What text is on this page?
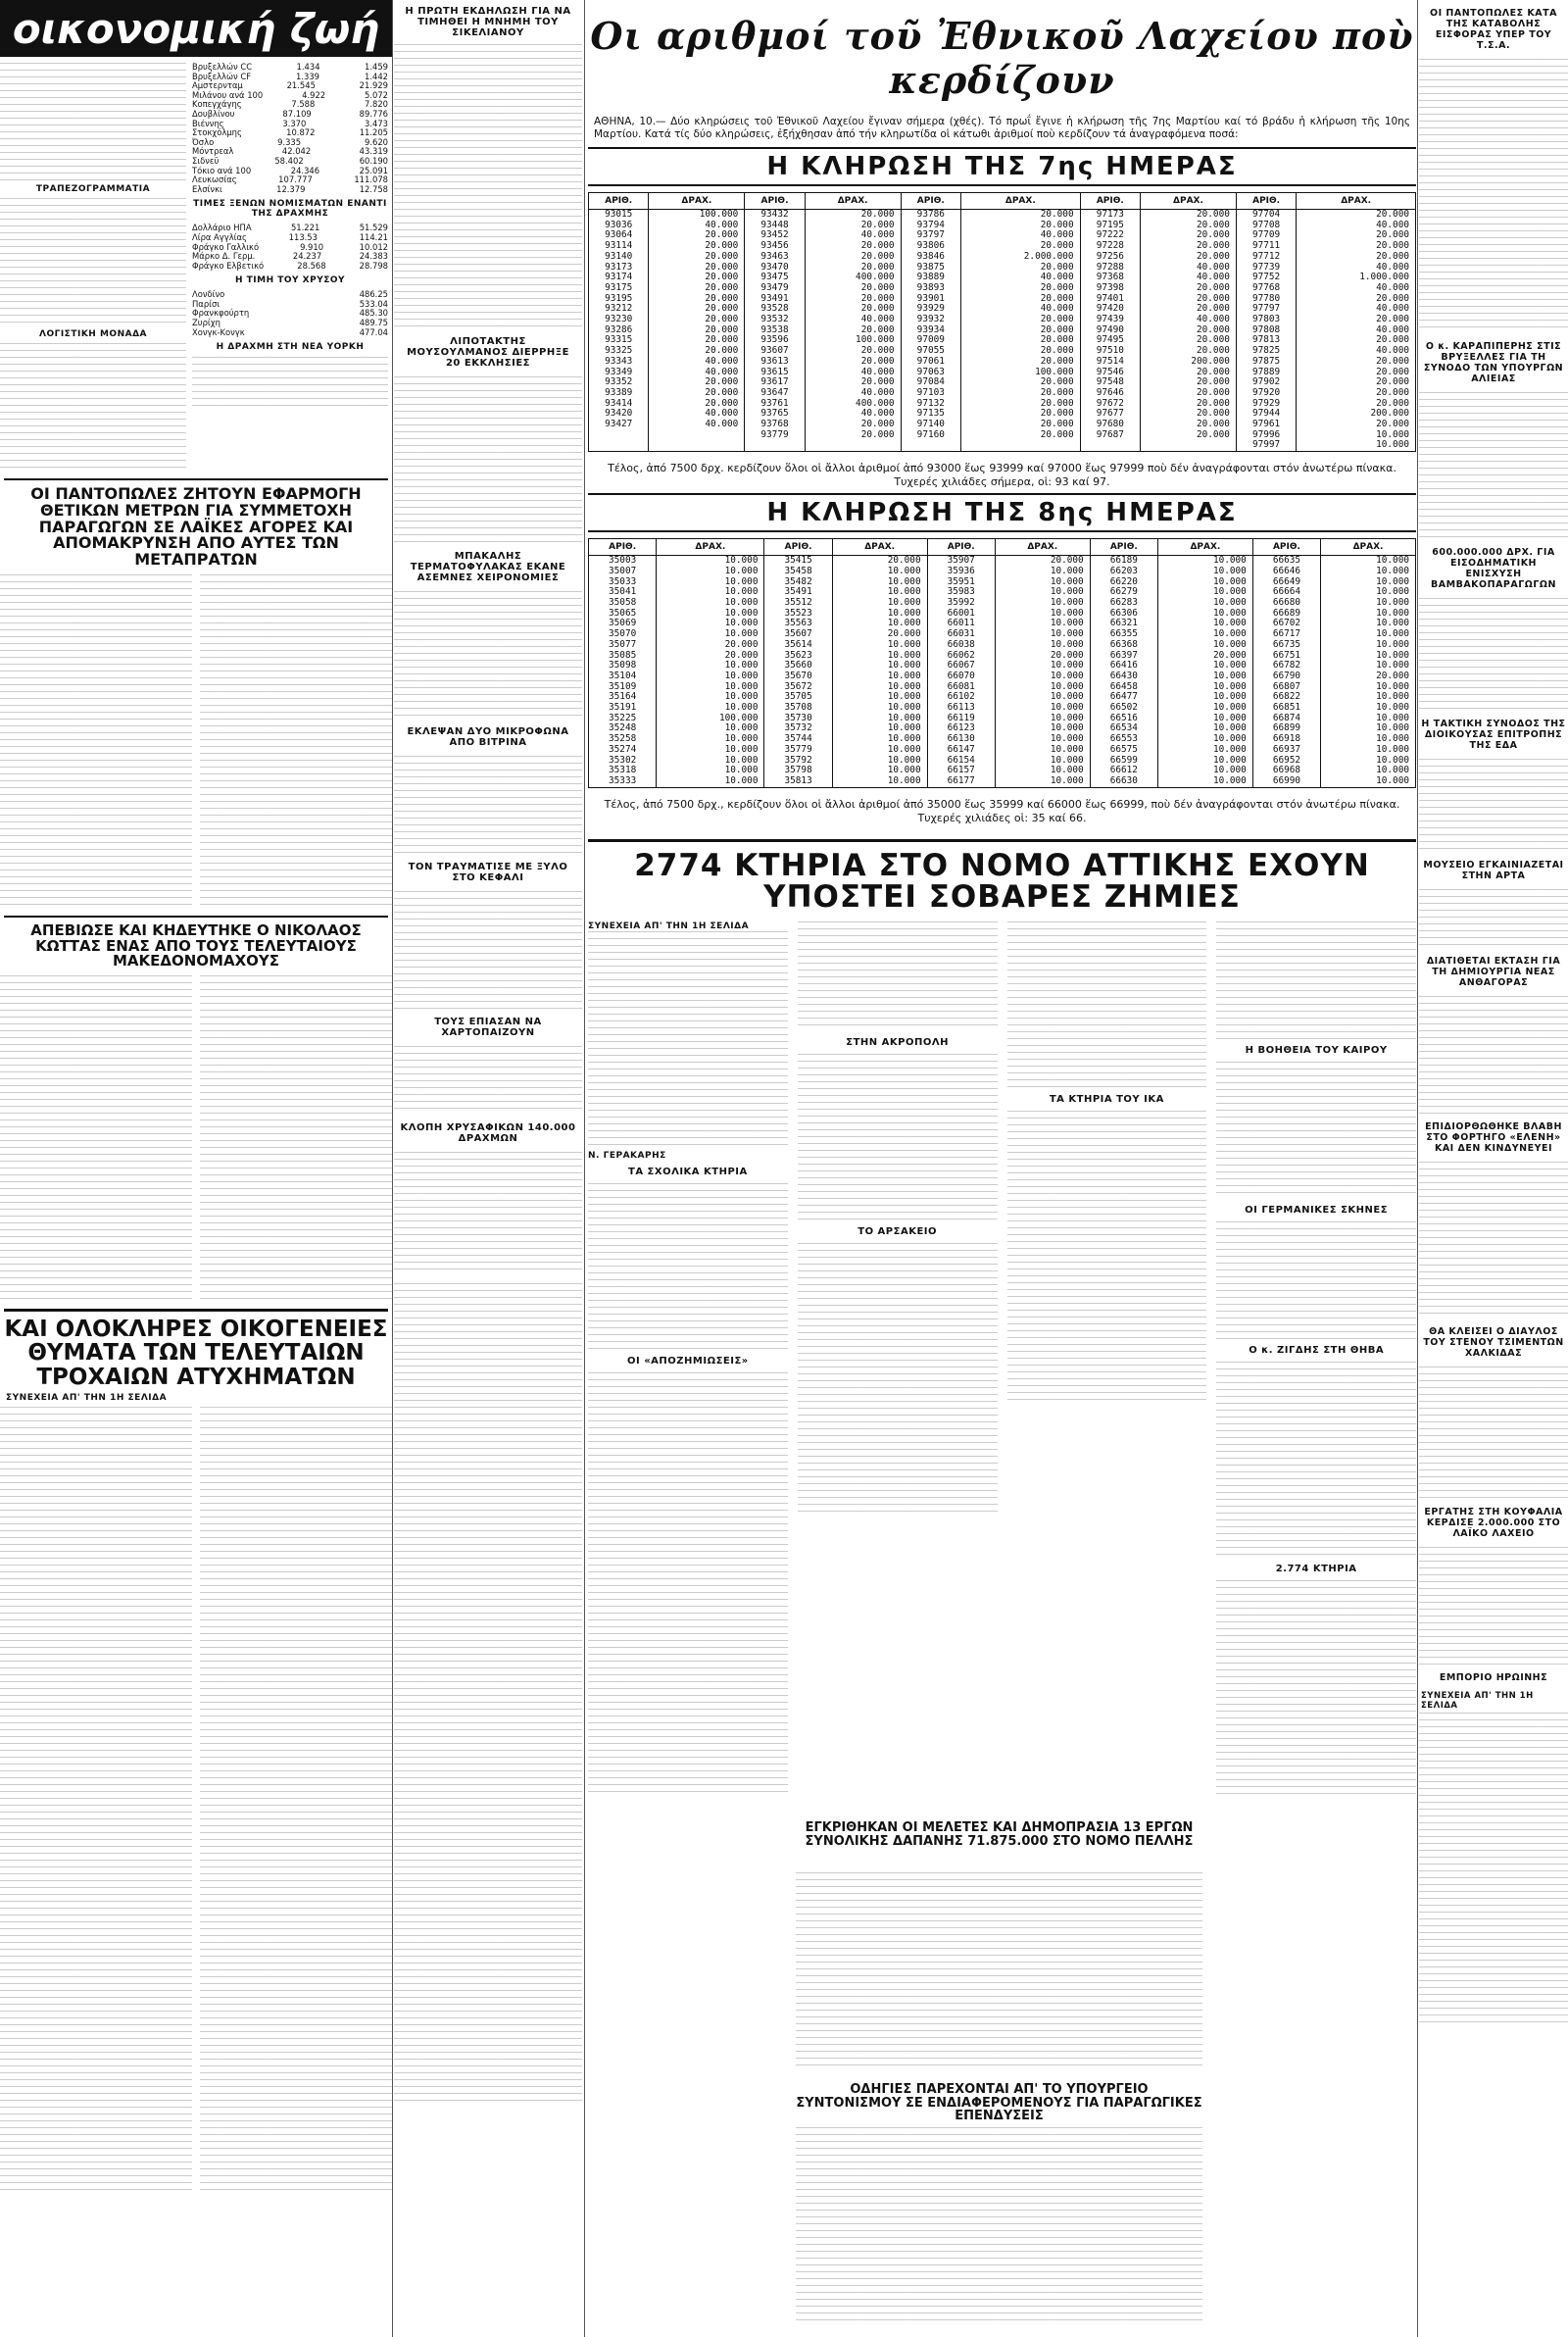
οικονομική ζωή
ΤΡΑΠΕΖΟΓΡΑΜΜΑΤΙΑ
ΛΟΓΙΣΤΙΚΗ ΜΟΝΑΔΑ
Βρυξελλών CC	1.434	1.459
Βρυξελλών CF	1.339	1.442
Αμστερνταμ	21.545	21.929
Μιλάνου ανά 100	4.922	5.072
Κοπεγχάγης	7.588	7.820
Δουβλίνου	87.109	89.776
Βιέννης	3.370	3.473
Στοκχόλμης	10.872	11.205
Όσλο	9.335	9.620
Μόντρεαλ	42.042	43.319
Σιδνεϋ	58.402	60.190
Τόκιο ανά 100	24.346	25.091
Λευκωσίας	107.777	111.078
Ελσίνκι	12.379	12.758
ΤΙΜΕΣ ΞΕΝΩΝ ΝΟΜΙΣΜΑΤΩΝ ΕΝΑΝΤΙ ΤΗΣ ΔΡΑΧΜΗΣ
Δολλάριο ΗΠΑ	51.221	51.529
Λίρα Αγγλίας	113.53	114.21
Φράγκο Γαλλικό	9.910	10.012
Μάρκο Δ. Γερμ.	24.237	24.383
Φράγκο Ελβετικό	28.568	28.798
Η ΤΙΜΗ ΤΟΥ ΧΡΥΣΟΥ
Λονδίνο	486.25
Παρίσι	533.04
Φρανκφούρτη	485.30
Ζυρίχη	489.75
Χονγκ-Κονγκ	477.04
Η ΔΡΑΧΜΗ ΣΤΗ ΝΕΑ ΥΟΡΚΗ
ΟΙ ΠΑΝΤΟΠΩΛΕΣ ΖΗΤΟΥΝ ΕΦΑΡΜΟΓΗ ΘΕΤΙΚΩΝ ΜΕΤΡΩΝ ΓΙΑ ΣΥΜΜΕΤΟΧΗ ΠΑΡΑΓΩΓΩΝ ΣΕ ΛΑΪΚΕΣ ΑΓΟΡΕΣ ΚΑΙ ΑΠΟΜΑΚΡΥΝΣΗ ΑΠΟ ΑΥΤΕΣ ΤΩΝ ΜΕΤΑΠΡΑΤΩΝ
ΑΠΕΒΙΩΣΕ ΚΑΙ ΚΗΔΕΥΤΗΚΕ Ο ΝΙΚΟΛΑΟΣ ΚΩΤΤΑΣ ΕΝΑΣ ΑΠΟ ΤΟΥΣ ΤΕΛΕΥΤΑΙΟΥΣ ΜΑΚΕΔΟΝΟΜΑΧΟΥΣ
ΚΑΙ ΟΛΟΚΛΗΡΕΣ ΟΙΚΟΓΕΝΕΙΕΣ ΘΥΜΑΤΑ ΤΩΝ ΤΕΛΕΥΤΑΙΩΝ ΤΡΟΧΑΙΩΝ ΑΤΥΧΗΜΑΤΩΝ
ΣΥΝΕΧΕΙΑ ΑΠ' ΤΗΝ 1Η ΣΕΛΙΔΑ
Η ΠΡΩΤΗ ΕΚΔΗΛΩΣΗ ΓΙΑ ΝΑ ΤΙΜΗΘΕΙ Η ΜΝΗΜΗ ΤΟΥ ΣΙΚΕΛΙΑΝΟΥ
ΛΙΠΟΤΑΚΤΗΣ ΜΟΥΣΟΥΛΜΑΝΟΣ ΔΙΕΡΡΗΞΕ 20 ΕΚΚΛΗΣΙΕΣ
ΜΠΑΚΑΛΗΣ ΤΕΡΜΑΤΟΦΥΛΑΚΑΣ ΕΚΑΝΕ ΑΣΕΜΝΕΣ ΧΕΙΡΟΝΟΜΙΕΣ
ΕΚΛΕΨΑΝ ΔΥΟ ΜΙΚΡΟΦΩΝΑ ΑΠΟ ΒΙΤΡΙΝΑ
ΤΟΝ ΤΡΑΥΜΑΤΙΣΕ ΜΕ ΞΥΛΟ ΣΤΟ ΚΕΦΑΛΙ
ΤΟΥΣ ΕΠΙΑΣΑΝ ΝΑ ΧΑΡΤΟΠΑΙΖΟΥΝ
ΚΛΟΠΗ ΧΡΥΣΑΦΙΚΩΝ 140.000 ΔΡΑΧΜΩΝ
Οι αριθμοί τοῦ Ἐθνικοῦ Λαχείου ποὺ κερδίζουν
ΑΘΗΝΑ, 10.— Δύο κληρώσεις τοῦ Ἐθνικοῦ Λαχείου ἔγιναν σήμερα (χθές). Τό πρωΐ ἔγινε ἡ κλήρωση τῆς 7ης Μαρτίου καί τό βράδυ ἡ κλήρωση τῆς 10ης Μαρτίου. Κατά τίς δύο κληρώσεις, ἐξήχθησαν ἀπό τήν κληρωτίδα οἱ κάτωθι ἀριθμοί ποὺ κερδίζουν τά ἀναγραφόμενα ποσά:
Η ΚΛΗΡΩΣΗ ΤΗΣ 7ης ΗΜΕΡΑΣ
ΑΡΙΘ.	ΔΡΑΧ.	ΑΡΙΘ.	ΔΡΑΧ.	ΑΡΙΘ.	ΔΡΑΧ.	ΑΡΙΘ.	ΔΡΑΧ.	ΑΡΙΘ.	ΔΡΑΧ.
93015	100.000	93432	20.000	93786	20.000	97173	20.000	97704	20.000
93036	40.000	93448	20.000	93794	20.000	97195	20.000	97708	40.000
93064	20.000	93452	40.000	93797	40.000	97222	20.000	97709	20.000
93114	20.000	93456	20.000	93806	20.000	97228	20.000	97711	20.000
93140	20.000	93463	20.000	93846	2.000.000	97256	20.000	97712	20.000
93173	20.000	93470	20.000	93875	20.000	97288	40.000	97739	40.000
93174	20.000	93475	400.000	93889	40.000	97368	40.000	97752	1.000.000
93175	20.000	93479	20.000	93893	20.000	97398	20.000	97768	40.000
93195	20.000	93491	20.000	93901	20.000	97401	20.000	97780	20.000
93212	20.000	93528	20.000	93929	40.000	97420	20.000	97797	40.000
93230	20.000	93532	40.000	93932	20.000	97439	40.000	97803	20.000
93286	20.000	93538	20.000	93934	20.000	97490	20.000	97808	40.000
93315	20.000	93596	100.000	97009	20.000	97495	20.000	97813	20.000
93325	20.000	93607	20.000	97055	20.000	97510	20.000	97825	40.000
93343	40.000	93613	20.000	97061	20.000	97514	200.000	97875	20.000
93349	40.000	93615	40.000	97063	100.000	97546	20.000	97889	20.000
93352	20.000	93617	20.000	97084	20.000	97548	20.000	97902	20.000
93389	20.000	93647	40.000	97103	20.000	97646	20.000	97920	20.000
93414	20.000	93761	400.000	97132	20.000	97672	20.000	97929	20.000
93420	40.000	93765	40.000	97135	20.000	97677	20.000	97944	200.000
93427	40.000	93768	20.000	97140	20.000	97680	20.000	97961	20.000
		93779	20.000	97160	20.000	97687	20.000	97996	10.000
								97997	10.000
Τέλος, ἀπό 7500 δρχ. κερδίζουν ὅλοι οἱ ἄλλοι ἀριθμοί ἀπό 93000 ἕως 93999 καί 97000 ἕως 97999 ποὺ δέν ἀναγράφονται στόν ἀνωτέρω πίνακα. Τυχερές χιλιάδες σήμερα, οἱ: 93 καί 97.
Η ΚΛΗΡΩΣΗ ΤΗΣ 8ης ΗΜΕΡΑΣ
ΑΡΙΘ.	ΔΡΑΧ.	ΑΡΙΘ.	ΔΡΑΧ.	ΑΡΙΘ.	ΔΡΑΧ.	ΑΡΙΘ.	ΔΡΑΧ.	ΑΡΙΘ.	ΔΡΑΧ.
35003	10.000	35415	20.000	35907	20.000	66189	10.000	66635	10.000
35007	10.000	35458	10.000	35936	10.000	66203	10.000	66646	10.000
35033	10.000	35482	10.000	35951	10.000	66220	10.000	66649	10.000
35041	10.000	35491	10.000	35983	10.000	66279	10.000	66664	10.000
35058	10.000	35512	10.000	35992	10.000	66283	10.000	66680	10.000
35065	10.000	35523	10.000	66001	10.000	66306	10.000	66689	10.000
35069	10.000	35563	10.000	66011	10.000	66321	10.000	66702	10.000
35070	10.000	35607	20.000	66031	10.000	66355	10.000	66717	10.000
35077	20.000	35614	10.000	66038	10.000	66368	10.000	66735	10.000
35085	20.000	35623	10.000	66062	20.000	66397	20.000	66751	10.000
35098	10.000	35660	10.000	66067	10.000	66416	10.000	66782	10.000
35104	10.000	35670	10.000	66070	10.000	66430	10.000	66790	20.000
35109	10.000	35672	10.000	66081	10.000	66458	10.000	66807	10.000
35164	10.000	35705	10.000	66102	10.000	66477	10.000	66822	10.000
35191	10.000	35708	10.000	66113	10.000	66502	10.000	66851	10.000
35225	100.000	35730	10.000	66119	10.000	66516	10.000	66874	10.000
35248	10.000	35732	10.000	66123	10.000	66534	10.000	66899	10.000
35258	10.000	35744	10.000	66130	10.000	66553	10.000	66918	10.000
35274	10.000	35779	10.000	66147	10.000	66575	10.000	66937	10.000
35302	10.000	35792	10.000	66154	10.000	66599	10.000	66952	10.000
35318	10.000	35798	10.000	66157	10.000	66612	10.000	66968	10.000
35333	10.000	35813	10.000	66177	10.000	66630	10.000	66990	10.000
Τέλος, ἀπό 7500 δρχ., κερδίζουν ὅλοι οἱ ἄλλοι ἀριθμοί ἀπό 35000 ἕως 35999 καί 66000 ἕως 66999, ποὺ δέν ἀναγράφονται στόν ἀνωτέρω πίνακα. Τυχερές χιλιάδες οἱ: 35 καί 66.
2774 ΚΤΗΡΙΑ ΣΤΟ ΝΟΜΟ ΑΤΤΙΚΗΣ ΕΧΟΥΝ ΥΠΟΣΤΕΙ ΣΟΒΑΡΕΣ ΖΗΜΙΕΣ
ΣΥΝΕΧΕΙΑ ΑΠ' ΤΗΝ 1Η ΣΕΛΙΔΑ
Ν. ΓΕΡΑΚΑΡΗΣ
ΤΑ ΣΧΟΛΙΚΑ ΚΤΗΡΙΑ
ΟΙ «ΑΠΟΖΗΜΙΩΣΕΙΣ»
ΣΤΗΝ ΑΚΡΟΠΟΛΗ
ΤΟ ΑΡΣΑΚΕΙΟ
ΤΑ ΚΤΗΡΙΑ ΤΟΥ ΙΚΑ
Η ΒΟΗΘΕΙΑ ΤΟΥ ΚΑΙΡΟΥ
ΟΙ ΓΕΡΜΑΝΙΚΕΣ ΣΚΗΝΕΣ
Ο κ. ΖΙΓΔΗΣ ΣΤΗ ΘΗΒΑ
2.774 ΚΤΗΡΙΑ
ΕΓΚΡΙΘΗΚΑΝ ΟΙ ΜΕΛΕΤΕΣ ΚΑΙ ΔΗΜΟΠΡΑΣΙΑ 13 ΕΡΓΩΝ ΣΥΝΟΛΙΚΗΣ ΔΑΠΑΝΗΣ 71.875.000 ΣΤΟ ΝΟΜΟ ΠΕΛΛΗΣ
ΟΔΗΓΙΕΣ ΠΑΡΕΧΟΝΤΑΙ ΑΠ' ΤΟ ΥΠΟΥΡΓΕΙΟ ΣΥΝΤΟΝΙΣΜΟΥ ΣΕ ΕΝΔΙΑΦΕΡΟΜΕΝΟΥΣ ΓΙΑ ΠΑΡΑΓΩΓΙΚΕΣ ΕΠΕΝΔΥΣΕΙΣ
ΟΙ ΠΑΝΤΟΠΩΛΕΣ ΚΑΤΑ ΤΗΣ ΚΑΤΑΒΟΛΗΣ ΕΙΣΦΟΡΑΣ ΥΠΕΡ ΤΟΥ Τ.Σ.Α.
Ο κ. ΚΑΡΑΠΙΠΕΡΗΣ ΣΤΙΣ ΒΡΥΞΕΛΛΕΣ ΓΙΑ ΤΗ ΣΥΝΟΔΟ ΤΩΝ ΥΠΟΥΡΓΩΝ ΑΛΙΕΙΑΣ
600.000.000 ΔΡΧ. ΓΙΑ ΕΙΣΟΔΗΜΑΤΙΚΗ ΕΝΙΣΧΥΣΗ ΒΑΜΒΑΚΟΠΑΡΑΓΩΓΩΝ
Η ΤΑΚΤΙΚΗ ΣΥΝΟΔΟΣ ΤΗΣ ΔΙΟΙΚΟΥΣΑΣ ΕΠΙΤΡΟΠΗΣ ΤΗΣ ΕΔΑ
ΜΟΥΣΕΙΟ ΕΓΚΑΙΝΙΑΖΕΤΑΙ ΣΤΗΝ ΑΡΤΑ
ΔΙΑΤΙΘΕΤΑΙ ΕΚΤΑΣΗ ΓΙΑ ΤΗ ΔΗΜΙΟΥΡΓΙΑ ΝΕΑΣ ΑΝΘΑΓΟΡΑΣ
ΕΠΙΔΙΟΡΘΩΘΗΚΕ ΒΛΑΒΗ ΣΤΟ ΦΟΡΤΗΓΟ «ΕΛΕΝΗ» ΚΑΙ ΔΕΝ ΚΙΝΔΥΝΕΥΕΙ
ΘΑ ΚΛΕΙΣΕΙ Ο ΔΙΑΥΛΟΣ ΤΟΥ ΣΤΕΝΟΥ ΤΣΙΜΕΝΤΩΝ ΧΑΛΚΙΔΑΣ
ΕΡΓΑΤΗΣ ΣΤΗ ΚΟΥΦΑΛΙΑ ΚΕΡΔΙΣΕ 2.000.000 ΣΤΟ ΛΑΪΚΟ ΛΑΧΕΙΟ
ΕΜΠΟΡΙΟ ΗΡΩΙΝΗΣ
ΣΥΝΕΧΕΙΑ ΑΠ' ΤΗΝ 1Η ΣΕΛΙΔΑ
